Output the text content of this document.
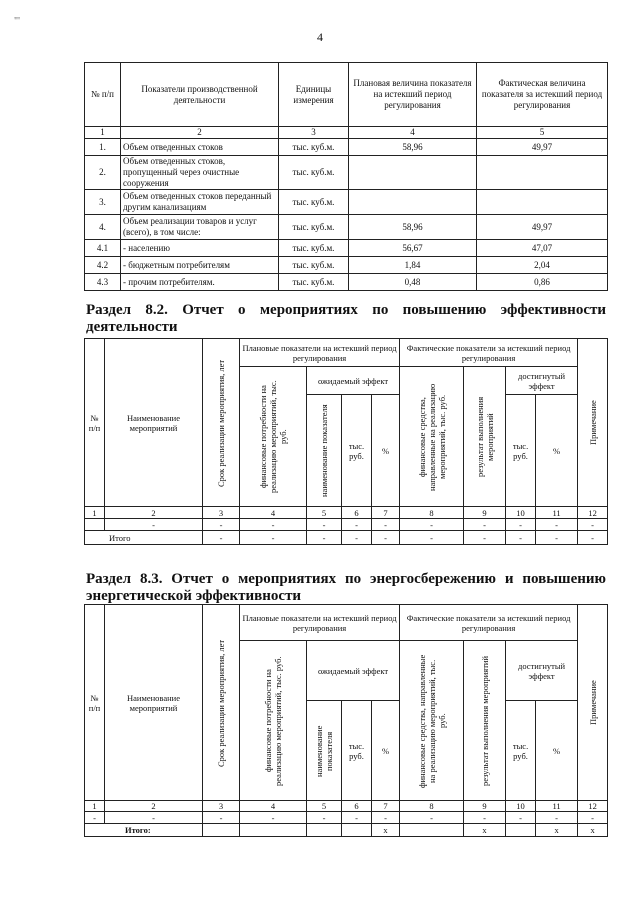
"'
4
№ п/п	Показатели производственной деятельности	Единицы измерения	Плановая величина показателя на истекший период регулирования	Фактическая величина показателя за истекший период регулирования
1	2	3	4	5
1.	Объем отведенных стоков	тыс. куб.м.	58,96	49,97
2.	Объем отведенных стоков, пропущенный через очистные сооружения	тыс. куб.м.		
3.	Объем отведенных стоков переданный другим канализациям	тыс. куб.м.		
4.	Объем реализации товаров и услуг (всего), в том числе:	тыс. куб.м.	58,96	49,97
4.1	- населению	тыс. куб.м.	56,67	47,07
4.2	- бюджетным потребителям	тыс. куб.м.	1,84	2,04
4.3	- прочим потребителям.	тыс. куб.м.	0,48	0,86
Раздел 8.2. Отчет о мероприятиях по повышению эффективности деятельности
№ п/п	Наименование мероприятий	Срок реализации мероприятия, лет	Плановые показатели на истекший период регулирования				Фактические показатели за истекший период регулирования				Примечание

			финансовые потребности на реализацию мероприятий, тыс. руб.	ожидаемый эффект			финансовые средства, направленные на реализацию мероприятий, тыс. руб.	результат выполнения мероприятий	достигнутый эффект		

				наименование показателя	тыс. руб.	%			тыс. руб.	%	
1	2	3	4	5	6	7	8	9	10	11	12
	-	-	-	-	-	-	-	-	-	-	-
Итого		-	-	-	-	-	-	-	-	-	-
Раздел 8.3. Отчет о мероприятиях по энергосбережению и повышению энергетической эффективности
№ п/п	Наименование мероприятий	Срок реализации мероприятия, лет	Плановые показатели на истекший период регулирования				Фактические показатели за истекший период регулирования				Примечание

			финансовые потребности на реализацию мероприятий, тыс. руб.	ожидаемый эффект			финансовые средства, направленные на реализацию мероприятий, тыс. руб.	результат выполнения мероприятий	достигнутый эффект		

				наименование показателя	тыс. руб.	%			тыс. руб.	%	
1	2	3	4	5	6	7	8	9	10	11	12
-	-	-	-	-	-	-	-	-	-	-	-
Итого:						x		x		x	x
